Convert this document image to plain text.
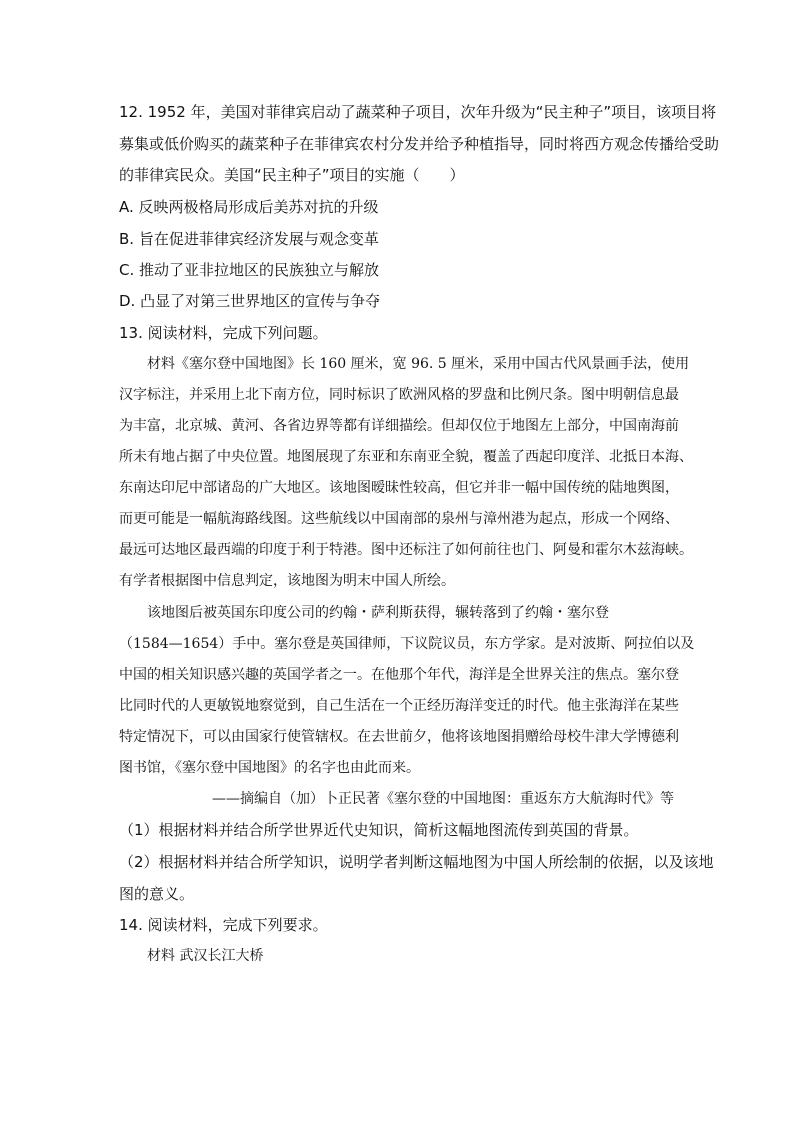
12. 1952 年，美国对菲律宾启动了蔬菜种子项目，次年升级为“民主种子”项目，该项目将
募集或低价购买的蔬菜种子在菲律宾农村分发并给予种植指导，同时将西方观念传播给受助
的菲律宾民众。美国“民主种子”项目的实施（　　）
A. 反映两极格局形成后美苏对抗的升级
B. 旨在促进菲律宾经济发展与观念变革
C. 推动了亚非拉地区的民族独立与解放
D. 凸显了对第三世界地区的宣传与争夺
13. 阅读材料，完成下列问题。
材料《塞尔登中国地图》长 160 厘米，宽 96. 5 厘米，采用中国古代风景画手法，使用
汉字标注，并采用上北下南方位，同时标识了欧洲风格的罗盘和比例尺条。图中明朝信息最
为丰富，北京城、黄河、各省边界等都有详细描绘。但却仅位于地图左上部分，中国南海前
所未有地占据了中央位置。地图展现了东亚和东南亚全貌，覆盖了西起印度洋、北抵日本海、
东南达印尼中部诸岛的广大地区。该地图暧昧性较高，但它并非一幅中国传统的陆地舆图，
而更可能是一幅航海路线图。这些航线以中国南部的泉州与漳州港为起点，形成一个网络、
最远可达地区最西端的印度于利于特港。图中还标注了如何前往也门、阿曼和霍尔木兹海峡。
有学者根据图中信息判定，该地图为明末中国人所绘。
该地图后被英国东印度公司的约翰・萨利斯获得，辗转落到了约翰・塞尔登
（1584—1654）手中。塞尔登是英国律师，下议院议员，东方学家。是对波斯、阿拉伯以及
中国的相关知识感兴趣的英国学者之一。在他那个年代，海洋是全世界关注的焦点。塞尔登
比同时代的人更敏锐地察觉到，自己生活在一个正经历海洋变迁的时代。他主张海洋在某些
特定情况下，可以由国家行使管辖权。在去世前夕，他将该地图捐赠给母校牛津大学博德利
图书馆，《塞尔登中国地图》的名字也由此而来。
——摘编自（加）卜正民著《塞尔登的中国地图：重返东方大航海时代》等
（1）根据材料并结合所学世界近代史知识，简析这幅地图流传到英国的背景。
（2）根据材料并结合所学知识，说明学者判断这幅地图为中国人所绘制的依据，以及该地
图的意义。
14. 阅读材料，完成下列要求。
材料 武汉长江大桥
